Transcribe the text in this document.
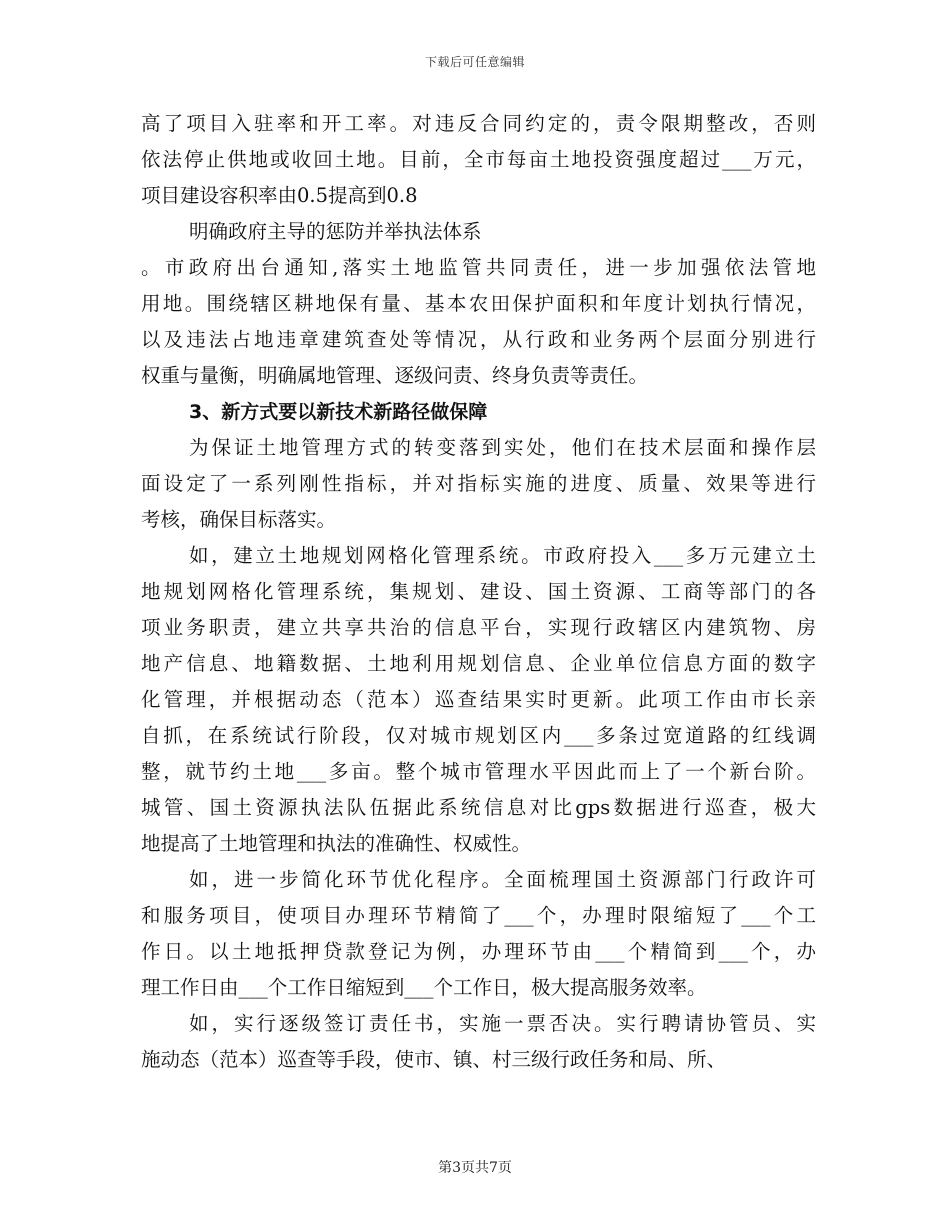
下载后可任意编辑

高了项目入驻率和开工率。对违反合同约定的，责令限期整改，否则
依法停止供地或收回土地。目前，全市每亩土地投资强度超过___万元，
项目建设容积率由0.5提高到0.8

明确政府主导的惩防并举执法体系

。市政府出台通知,落实土地监管共同责任，进一步加强依法管地
用地。围绕辖区耕地保有量、基本农田保护面积和年度计划执行情况，
以及违法占地违章建筑查处等情况，从行政和业务两个层面分别进行
权重与量衡，明确属地管理、逐级问责、终身负责等责任。

3、新方式要以新技术新路径做保障

为保证土地管理方式的转变落到实处，他们在技术层面和操作层
面设定了一系列刚性指标，并对指标实施的进度、质量、效果等进行
考核，确保目标落实。

如，建立土地规划网格化管理系统。市政府投入___多万元建立土
地规划网格化管理系统，集规划、建设、国土资源、工商等部门的各
项业务职责，建立共享共治的信息平台，实现行政辖区内建筑物、房
地产信息、地籍数据、土地利用规划信息、企业单位信息方面的数字
化管理，并根据动态（范本）巡查结果实时更新。此项工作由市长亲
自抓，在系统试行阶段，仅对城市规划区内___多条过宽道路的红线调
整，就节约土地___多亩。整个城市管理水平因此而上了一个新台阶。
城管、国土资源执法队伍据此系统信息对比gps数据进行巡查，极大
地提高了土地管理和执法的准确性、权威性。

如，进一步简化环节优化程序。全面梳理国土资源部门行政许可
和服务项目，使项目办理环节精简了___个，办理时限缩短了___个工
作日。以土地抵押贷款登记为例，办理环节由___个精简到___个，办
理工作日由___个工作日缩短到___个工作日，极大提高服务效率。

如，实行逐级签订责任书，实施一票否决。实行聘请协管员、实
施动态（范本）巡查等手段，使市、镇、村三级行政任务和局、所、

第3页共7页
